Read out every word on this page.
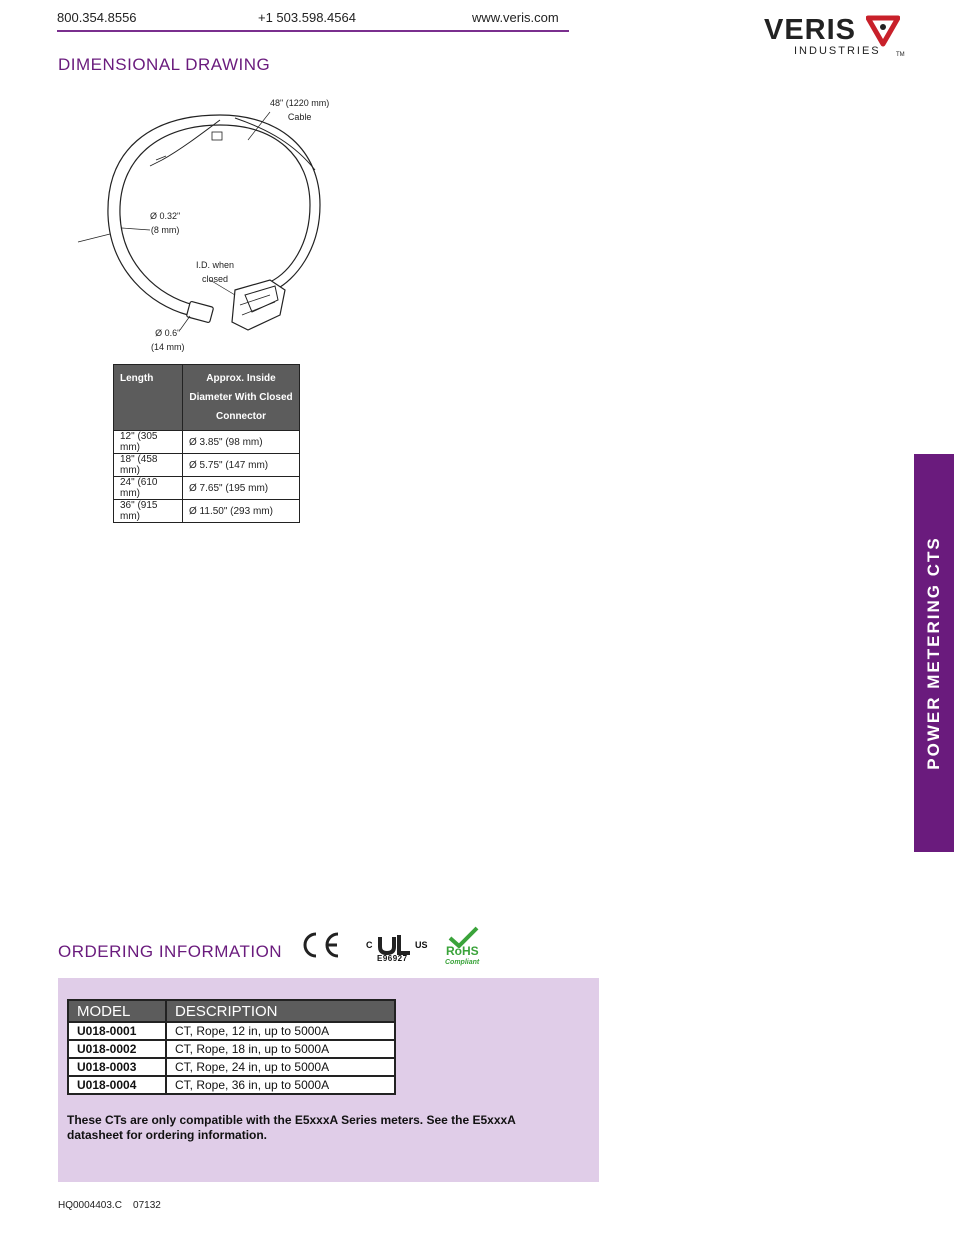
800.354.8556	+1 503.598.4564	www.veris.com	VERIS
INDUSTRIES	TM
POWER METERING CTS
DIMENSIONAL DRAWING
48" (1220 mm)
Cable
Ø 0.32"
(8 mm)
I.D. when
closed
Ø 0.6"
(14 mm)
Length	Approx. Inside Diameter With Closed Connector
12" (305 mm)	Ø 3.85" (98 mm)
18" (458 mm)	Ø 5.75" (147 mm)
24" (610 mm)	Ø 7.65" (195 mm)
36" (915 mm)	Ø 11.50" (293 mm)
ORDERING INFORMATION	C	US
E96927
RoHS
Compliant
MODEL	DESCRIPTION
U018-0001	CT, Rope, 12 in, up to 5000A
U018-0002	CT, Rope, 18 in, up to 5000A
U018-0003	CT, Rope, 24 in, up to 5000A
U018-0004	CT, Rope, 36 in, up to 5000A
These CTs are only compatible with the E5xxxA Series meters. See the E5xxxA datasheet for ordering information.
HQ0004403.C    07132
